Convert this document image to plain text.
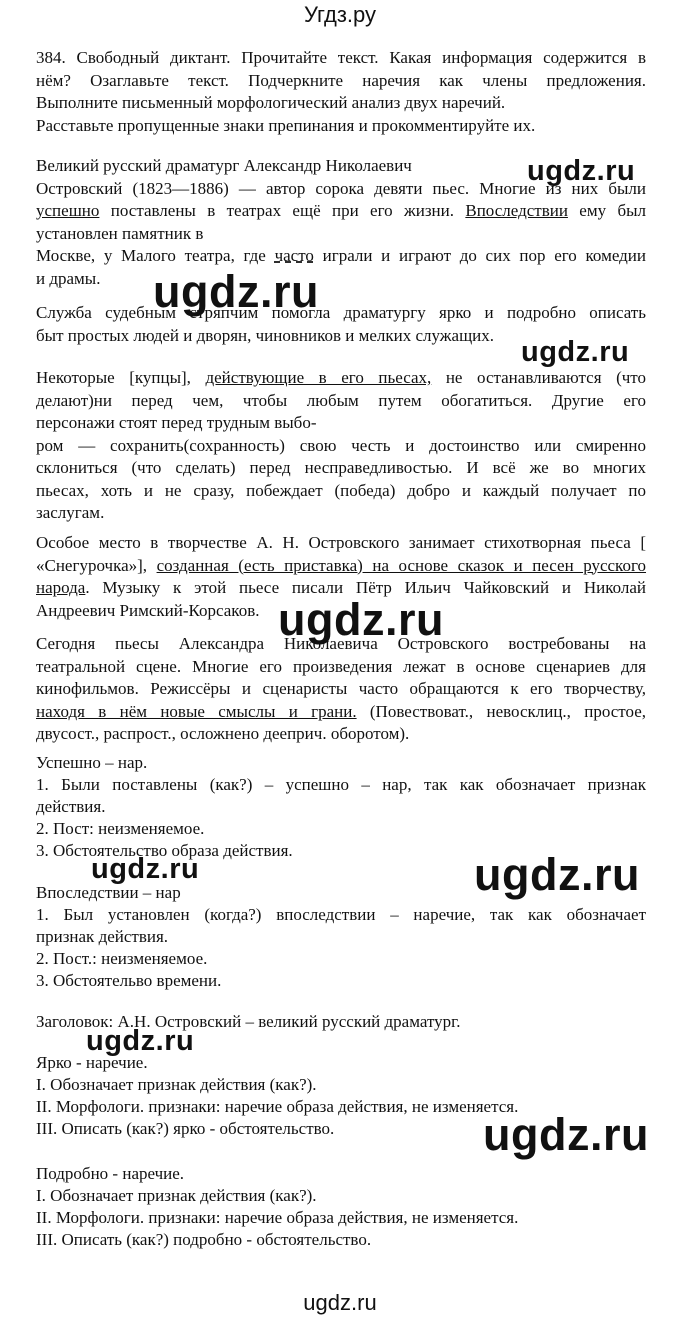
Угдз.ру
ugdz.ru
ugdz.ru
ugdz.ru
ugdz.ru
ugdz.ru	ugdz.ru
ugdz.ru
ugdz.ru
384. Свободный диктант. Прочитайте текст. Какая информация содержится в
нём? Озаглавьте текст. Подчеркните наречия как члены предложения.
Выполните письменный морфологический анализ двух наречий.
Расставьте пропущенные знаки препинания и прокомментируйте их.
Великий русский драматург Александр Николаевич
Островский (1823—1886) — автор сорока девяти пьес. Многие из них были
успешно поставлены в театрах ещё при его жизни. Впоследствии ему был
установлен памятник в
Москве, у Малого театра, где часто играли и играют до сих пор его комедии
и драмы.
Служба судебным стряпчим помогла драматургу ярко и подробно описать
быт простых людей и дворян, чиновников и мелких служащих.
Некоторые [купцы], действующие в его пьесах, не останавливаются (что
делают)ни перед чем, чтобы любым путем обогатиться. Другие его
персонажи стоят перед трудным выбо-
ром — сохранить(сохранность) свою честь и достоинство или смиренно
склониться (что сделать) перед несправедливостью. И всё же во многих
пьесах, хоть и не сразу, побеждает (победа) добро и каждый получает по
заслугам.
Особое место в творчестве А. Н. Островского занимает стихотворная пьеса [
«Снегурочка»], созданная (есть приставка) на основе сказок и песен русского
народа. Музыку к этой пьесе писали Пётр Ильич Чайковский и Николай
Андреевич Римский-Корсаков.
Сегодня пьесы Александра Николаевича Островского востребованы на
театральной сцене. Многие его произведения лежат в основе сценариев для
кинофильмов. Режиссёры и сценаристы часто обращаются к его творчеству,
находя в нём новые смыслы и грани. (Повествоват., невосклиц., простое,
двусост., распрост., осложнено дееприч. оборотом).
Успешно – нар.
1. Были поставлены (как?) – успешно – нар, так как обозначает признак
действия.
2. Пост: неизменяемое.
3. Обстоятельство образа действия.
Впоследствии – нар
1. Был установлен (когда?) впоследствии – наречие, так как обозначает
признак действия.
2. Пост.: неизменяемое.
3. Обстоятельво времени.
Заголовок: А.Н. Островский – великий русский драматург.
Ярко - наречие.
I. Обозначает признак действия (как?).
II. Морфологи. признаки: наречие образа действия, не изменяется.
III. Описать (как?) ярко - обстоятельство.
Подробно - наречие.
I. Обозначает признак действия (как?).
II. Морфологи. признаки: наречие образа действия, не изменяется.
III. Описать (как?) подробно - обстоятельство.
ugdz.ru
